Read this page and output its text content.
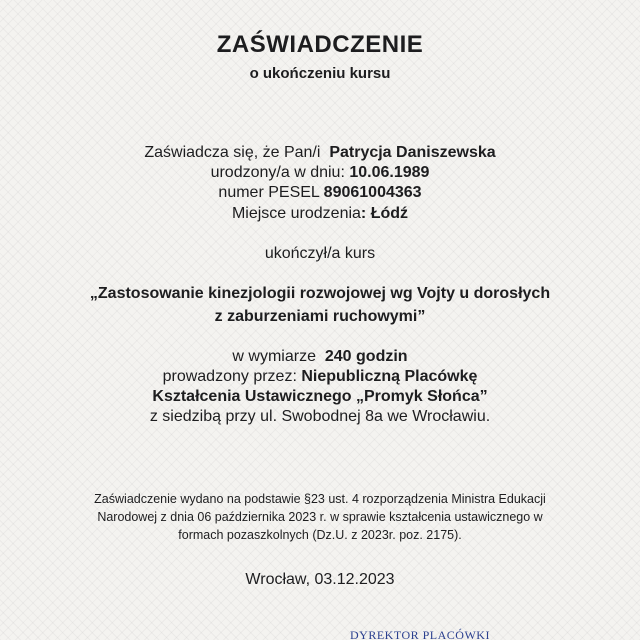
ZAŚWIADCZENIE
o ukończeniu kursu
Zaświadcza się, że Pan/i Patrycja Daniszewska
urodzony/a w dniu: 10.06.1989
numer PESEL 89061004363
Miejsce urodzenia: Łódź
ukończył/a kurs
„Zastosowanie kinezjologii rozwojowej wg Vojty u dorosłych
z zaburzeniami ruchowymi”
w wymiarze 240 godzin
prowadzony przez: Niepubliczną Placówkę
Kształcenia Ustawicznego „Promyk Słońca”
z siedzibą przy ul. Swobodnej 8a we Wrocławiu.
Zaświadczenie wydano na podstawie §23 ust. 4 rozporządzenia Ministra Edukacji
Narodowej z dnia 06 października 2023 r. w sprawie kształcenia ustawicznego w
formach pozaszkolnych (Dz.U. z 2023r. poz. 2175).
Wrocław, 03.12.2023
DYREKTOR PLACÓWKI
